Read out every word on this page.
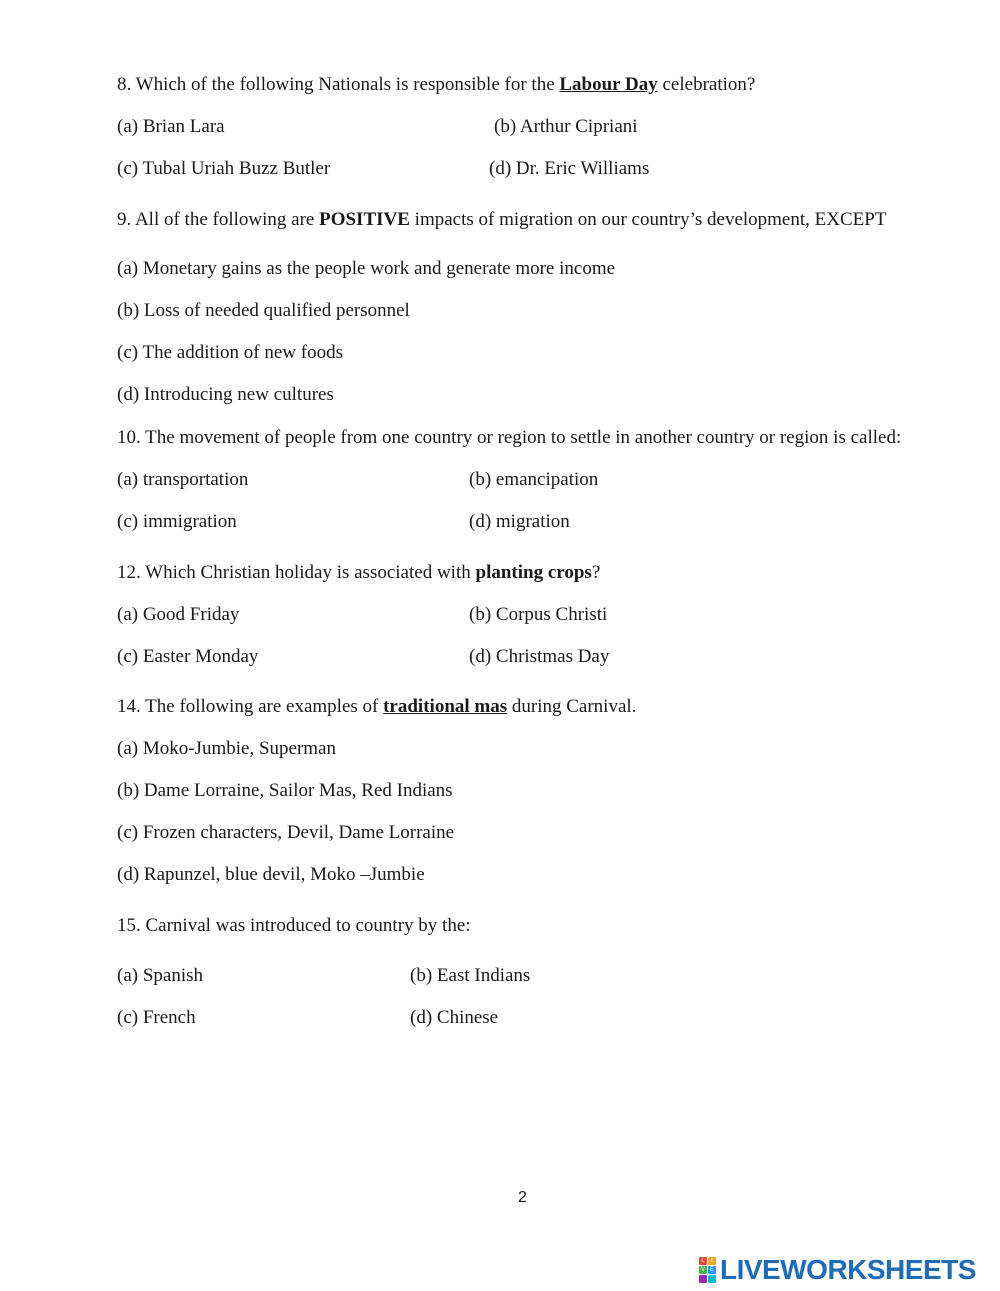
8. Which of the following Nationals is responsible for the Labour Day celebration?
(a) Brian Lara	(b) Arthur Cipriani
(c) Tubal Uriah Buzz Butler	(d) Dr. Eric Williams
9. All of the following are POSITIVE impacts of migration on our country’s development, EXCEPT
(a) Monetary gains as the people work and generate more income
(b) Loss of needed qualified personnel
(c) The addition of new foods
(d) Introducing new cultures
10. The movement of people from one country or region to settle in another country or region is called:
(a) transportation	(b) emancipation
(c) immigration	(d) migration
12. Which Christian holiday is associated with planting crops?
(a) Good Friday	(b) Corpus Christi
(c) Easter Monday	(d) Christmas Day
14. The following are examples of traditional mas during Carnival.
(a) Moko-Jumbie, Superman
(b) Dame Lorraine, Sailor Mas, Red Indians
(c) Frozen characters, Devil, Dame Lorraine
(d) Rapunzel, blue devil, Moko –Jumbie
15. Carnival was introduced to country by the:
(a) Spanish	(b) East Indians
(c) French	(d) Chinese
2
L	I
V E LIVEWORKSHEETS
